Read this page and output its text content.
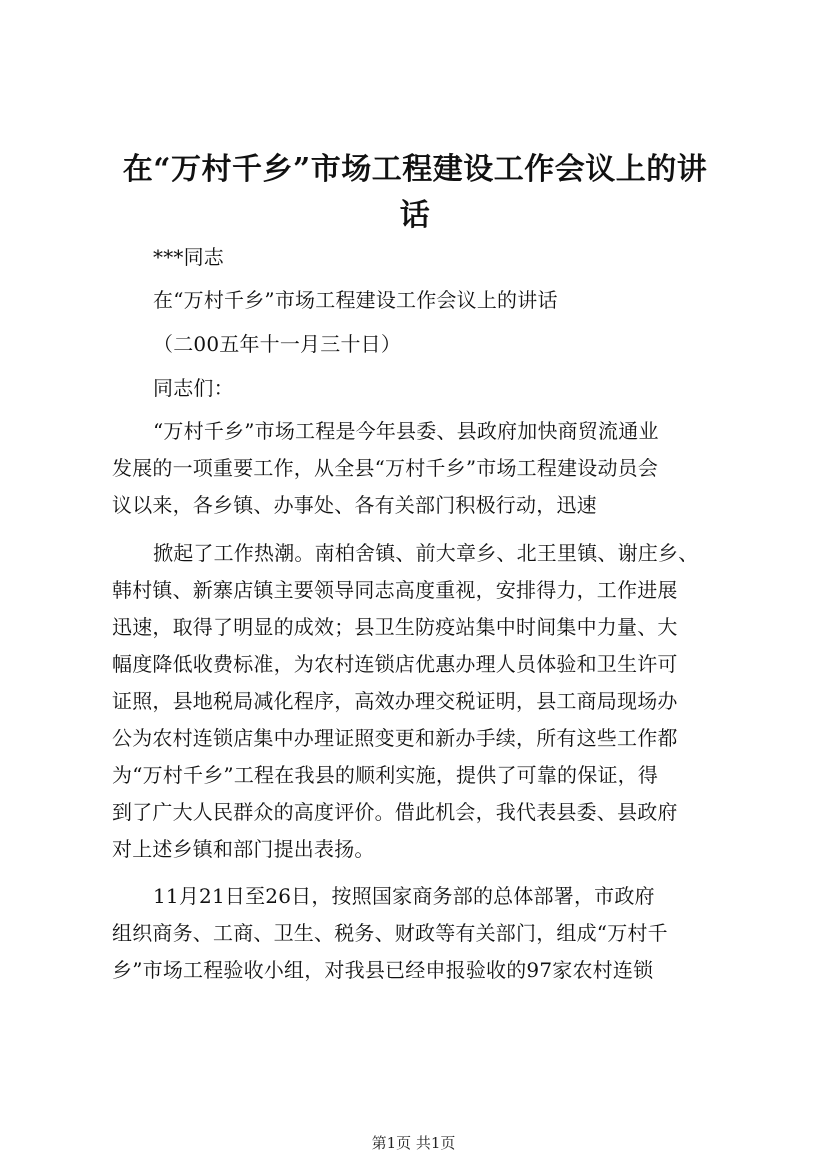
在“万村千乡”市场工程建设工作会议上的讲
话
***同志
在“万村千乡”市场工程建设工作会议上的讲话
（二00五年十一月三十日）
同志们：
“万村千乡”市场工程是今年县委、县政府加快商贸流通业
发展的一项重要工作，从全县“万村千乡”市场工程建设动员会
议以来，各乡镇、办事处、各有关部门积极行动，迅速
掀起了工作热潮。南柏舍镇、前大章乡、北王里镇、谢庄乡、
韩村镇、新寨店镇主要领导同志高度重视，安排得力，工作进展
迅速，取得了明显的成效；县卫生防疫站集中时间集中力量、大
幅度降低收费标准，为农村连锁店优惠办理人员体验和卫生许可
证照，县地税局减化程序，高效办理交税证明，县工商局现场办
公为农村连锁店集中办理证照变更和新办手续，所有这些工作都
为“万村千乡”工程在我县的顺利实施，提供了可靠的保证，得
到了广大人民群众的高度评价。借此机会，我代表县委、县政府
对上述乡镇和部门提出表扬。
11月21日至26日，按照国家商务部的总体部署，市政府
组织商务、工商、卫生、税务、财政等有关部门，组成“万村千
乡”市场工程验收小组，对我县已经申报验收的97家农村连锁
第1页 共1页
